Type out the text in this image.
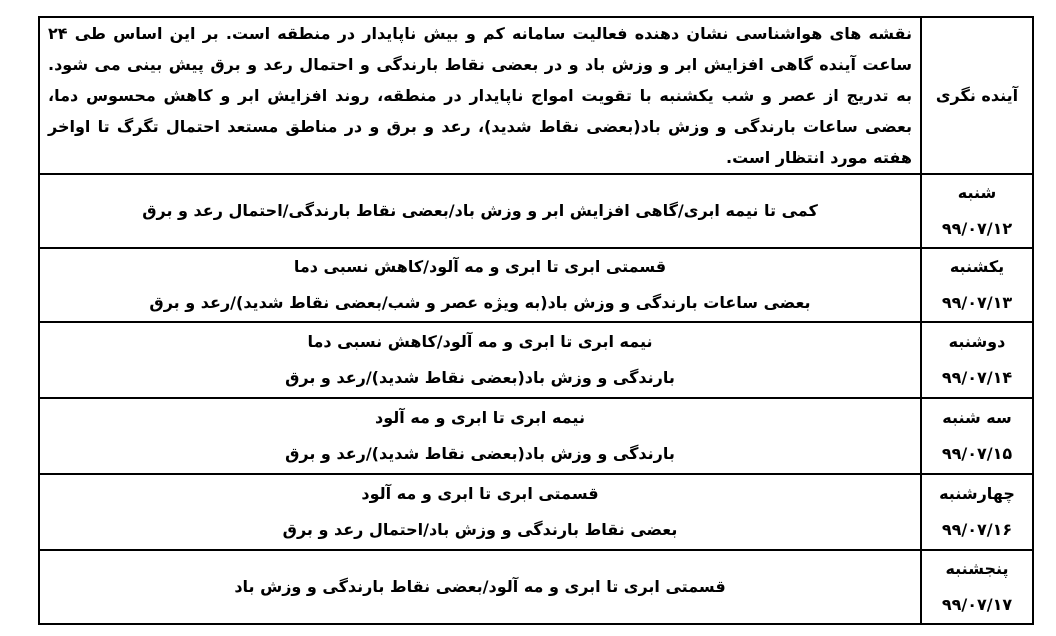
آینده نگری	نقشه های هواشناسی نشان دهنده فعالیت سامانه کم و بیش ناپایدار در منطقه است. بر این اساس طی ۲۴ ساعت آینده گاهی افزایش ابر و وزش باد و در بعضی نقاط بارندگی و احتمال رعد و برق پیش بینی می شود. به تدریج از عصر و شب یکشنبه با تقویت امواج ناپایدار در منطقه، روند افزایش ابر و کاهش محسوس دما، بعضی ساعات بارندگی و وزش باد(بعضی نقاط شدید)، رعد و برق و در مناطق مستعد احتمال تگرگ تا اواخر هفته مورد انتظار است.

شنبه
۹۹/۰۷/۱۲	کمی تا نیمه ابری/گاهی افزایش ابر و وزش باد/بعضی نقاط بارندگی/احتمال رعد و برق

یکشنبه
۹۹/۰۷/۱۳	قسمتی ابری تا ابری و مه آلود/کاهش نسبی دما
بعضی ساعات بارندگی و وزش باد(به ویژه عصر و شب/بعضی نقاط شدید)/رعد و برق

دوشنبه
۹۹/۰۷/۱۴	نیمه ابری تا ابری و مه آلود/کاهش نسبی دما
بارندگی و وزش باد(بعضی نقاط شدید)/رعد و برق

سه شنبه
۹۹/۰۷/۱۵	نیمه ابری تا ابری و مه آلود
بارندگی و وزش باد(بعضی نقاط شدید)/رعد و برق

چهارشنبه
۹۹/۰۷/۱۶	قسمتی ابری تا ابری و مه آلود
بعضی نقاط بارندگی و وزش باد/احتمال رعد و برق

پنجشنبه
۹۹/۰۷/۱۷	قسمتی ابری تا ابری و مه آلود/بعضی نقاط بارندگی و وزش باد
